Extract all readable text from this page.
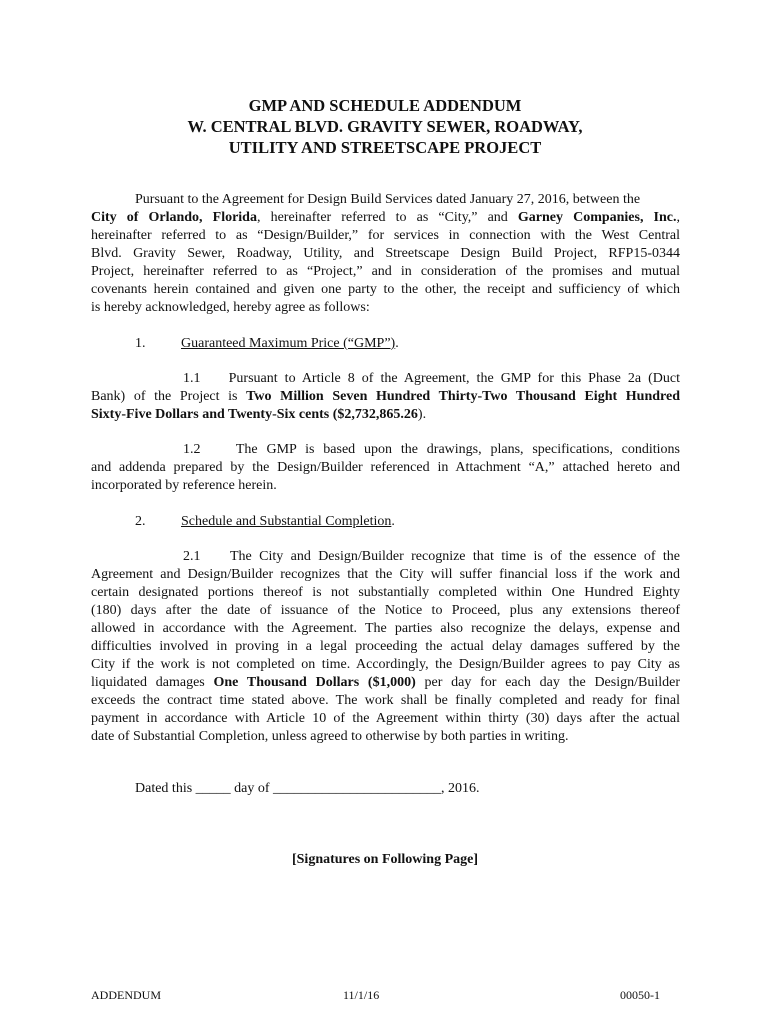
GMP AND SCHEDULE ADDENDUM
W. CENTRAL BLVD. GRAVITY SEWER, ROADWAY,
UTILITY AND STREETSCAPE PROJECT
Pursuant to the Agreement for Design Build Services dated January 27, 2016, between the
City of Orlando, Florida, hereinafter referred to as “City,” and Garney Companies, Inc.,
hereinafter referred to as “Design/Builder,” for services in connection with the West Central
Blvd. Gravity Sewer, Roadway, Utility, and Streetscape Design Build Project, RFP15-0344
Project, hereinafter referred to as “Project,” and in consideration of the promises and mutual
covenants herein contained and given one party to the other, the receipt and sufficiency of which
is hereby acknowledged, hereby agree as follows:
1.	Guaranteed Maximum Price (“GMP”).
1.1    Pursuant to Article 8 of the Agreement, the GMP for this Phase 2a (Duct
Bank) of the Project is Two Million Seven Hundred Thirty-Two Thousand Eight Hundred
Sixty-Five Dollars and Twenty-Six cents ($2,732,865.26).
1.2    The GMP is based upon the drawings, plans, specifications, conditions
and addenda prepared by the Design/Builder referenced in Attachment “A,” attached hereto and
incorporated by reference herein.
2.	Schedule and Substantial Completion.
2.1    The City and Design/Builder recognize that time is of the essence of the
Agreement and Design/Builder recognizes that the City will suffer financial loss if the work and
certain designated portions thereof is not substantially completed within One Hundred Eighty
(180) days after the date of issuance of the Notice to Proceed, plus any extensions thereof
allowed in accordance with the Agreement. The parties also recognize the delays, expense and
difficulties involved in proving in a legal proceeding the actual delay damages suffered by the
City if the work is not completed on time. Accordingly, the Design/Builder agrees to pay City as
liquidated damages One Thousand Dollars ($1,000) per day for each day the Design/Builder
exceeds the contract time stated above. The work shall be finally completed and ready for final
payment in accordance with Article 10 of the Agreement within thirty (30) days after the actual
date of Substantial Completion, unless agreed to otherwise by both parties in writing.
Dated this _____ day of ________________________, 2016.
[Signatures on Following Page]
ADDENDUM	11/1/16	00050-1
